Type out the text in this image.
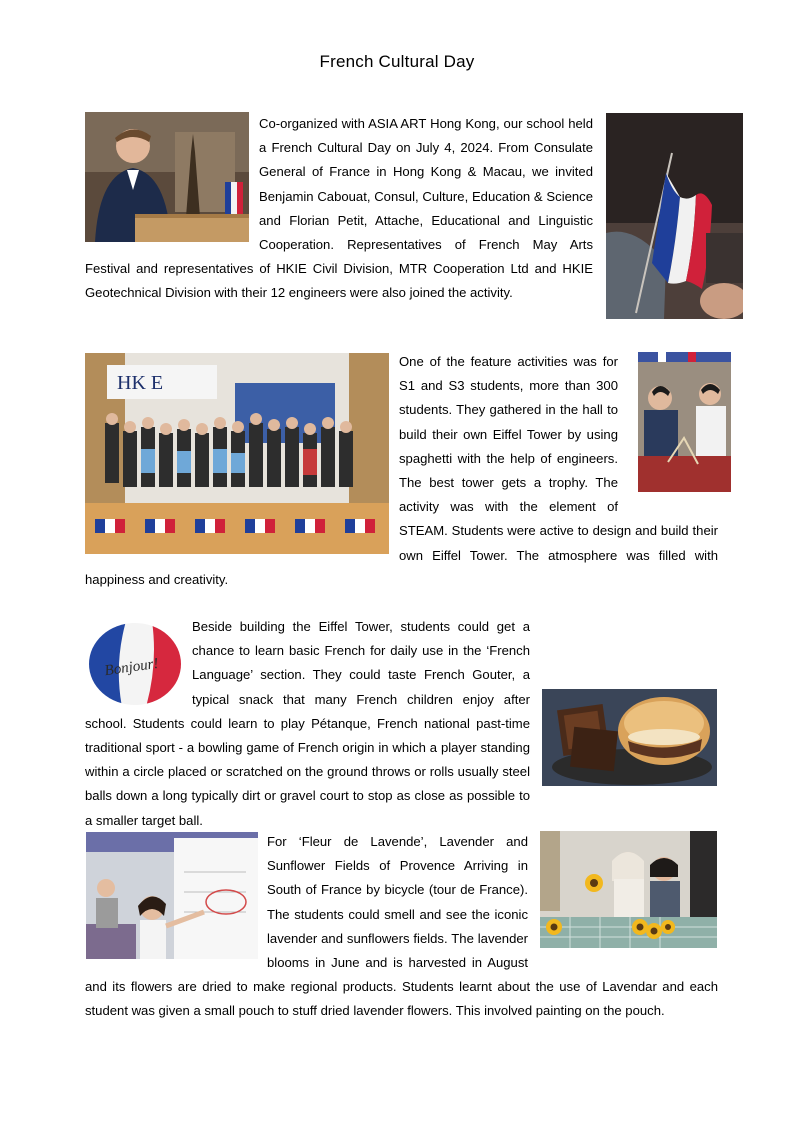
French Cultural Day

Co-organized with ASIA ART Hong Kong, our school held a French Cultural Day on July 4, 2024. From Consulate General of France in Hong Kong & Macau, we invited Benjamin Cabouat, Consul, Culture, Education & Science and Florian Petit, Attache, Educational and Linguistic Cooperation. Representatives of French May Arts Festival and representatives of HKIE Civil Division, MTR Cooperation Ltd and HKIE Geotechnical Division with their 12 engineers were also joined the activity.

HK E

One of the feature activities was for S1 and S3 students, more than 300 students. They gathered in the hall to build their own Eiffel Tower by using spaghetti with the help of engineers. The best tower gets a trophy. The activity was with the element of STEAM. Students were active to design and build their own Eiffel Tower. The atmosphere was filled with happiness and creativity.

Bonjour!

Beside building the Eiffel Tower, students could get a chance to learn basic French for daily use in the ‘French Language’ section. They could taste French Gouter, a typical snack that many French children enjoy after school. Students could learn to play Pétanque, French national past-time traditional sport - a bowling game of French origin in which a player standing within a circle placed or scratched on the ground throws or rolls usually steel balls down a long typically dirt or gravel court to stop as close as possible to a smaller target ball.

For ‘Fleur de Lavende’, Lavender and Sunflower Fields of Provence Arriving in South of France by bicycle (tour de France). The students could smell and see the iconic lavender and sunflowers fields. The lavender blooms in June and is harvested in August and its flowers are dried to make regional products. Students learnt about the use of Lavendar and each student was given a small pouch to stuff dried lavender flowers. This involved painting on the pouch.
